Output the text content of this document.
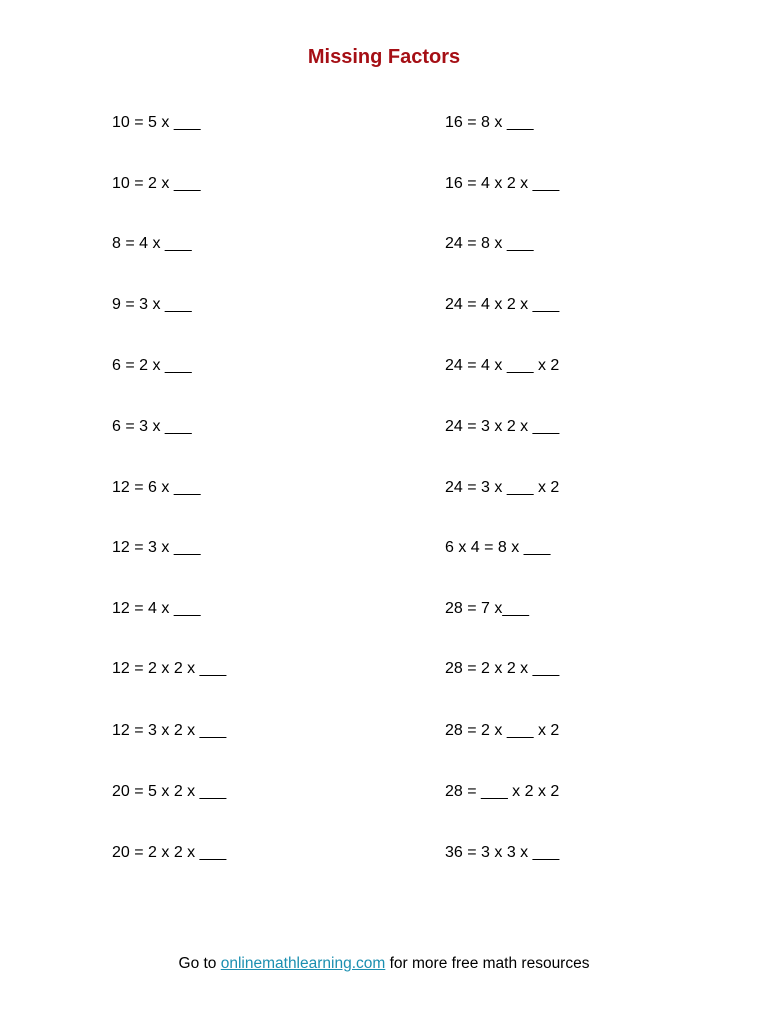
Missing Factors
10 = 5 x ___
10 = 2 x ___
8 = 4 x ___
9 = 3 x ___
6 = 2 x ___
6 = 3 x ___
12 = 6 x ___
12 = 3 x ___
12 = 4 x ___
12 = 2 x 2 x ___
12 = 3 x 2 x ___
20 = 5 x 2 x ___
20 = 2 x 2 x ___
16 = 8 x ___
16 = 4 x 2 x ___
24 = 8 x ___
24 = 4 x 2 x ___
24 = 4 x ___ x 2
24 = 3 x 2 x ___
24 = 3 x ___ x 2
6 x 4 = 8 x ___
28 = 7 x___
28 = 2 x 2 x ___
28 = 2 x ___ x 2
28 = ___ x 2 x 2
36 = 3 x 3 x ___
Go to onlinemathlearning.com for more free math resources
